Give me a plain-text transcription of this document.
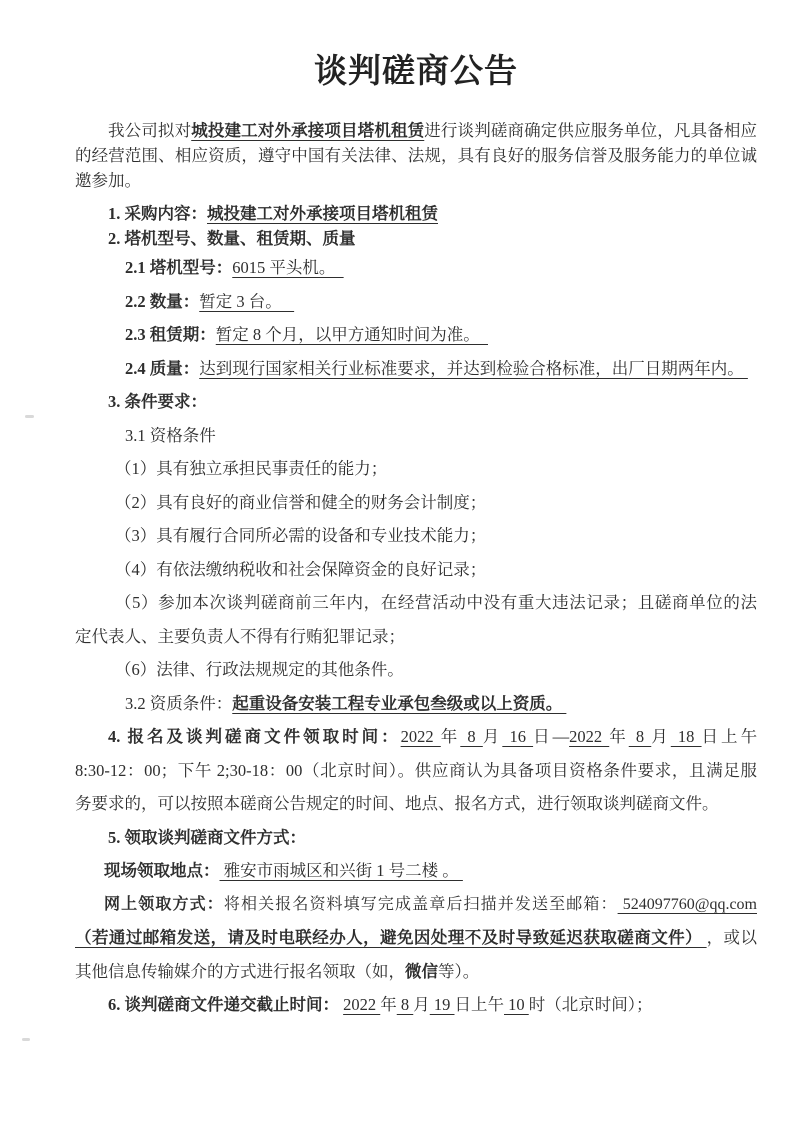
谈判磋商公告

我公司拟对城投建工对外承接项目塔机租赁进行谈判磋商确定供应服务单位，凡具备相应

的经营范围、相应资质，遵守中国有关法律、法规，具有良好的服务信誉及服务能力的单位诚

邀参加。

1. 采购内容：城投建工对外承接项目塔机租赁

2. 塔机型号、数量、租赁期、质量

2.1 塔机型号：6015 平头机。

2.2 数量：暂定 3 台。

2.3 租赁期：暂定 8 个月，以甲方通知时间为准。

2.4 质量：达到现行国家相关行业标准要求，并达到检验合格标准，出厂日期两年内。

3. 条件要求：

3.1 资格条件

（1）具有独立承担民事责任的能力；

（2）具有良好的商业信誉和健全的财务会计制度；

（3）具有履行合同所必需的设备和专业技术能力；

（4）有依法缴纳税收和社会保障资金的良好记录；

（5）参加本次谈判磋商前三年内，在经营活动中没有重大违法记录；且磋商单位的法

定代表人、主要负责人不得有行贿犯罪记录；

（6）法律、行政法规规定的其他条件。

3.2 资质条件：起重设备安装工程专业承包叁级或以上资质。

4. 报名及谈判磋商文件领取时间：2022 年 8 月 16 日—2022 年 8 月 18 日上午

8:30-12：00；下午 2;30-18：00（北京时间）。供应商认为具备项目资格条件要求，且满足服

务要求的，可以按照本磋商公告规定的时间、地点、报名方式，进行领取谈判磋商文件。

5. 领取谈判磋商文件方式：

现场领取地点： 雅安市雨城区和兴街 1 号二楼 。

网上领取方式：将相关报名资料填写完成盖章后扫描并发送至邮箱： 524097760@qq.com

（若通过邮箱发送，请及时电联经办人，避免因处理不及时导致延迟获取磋商文件） ，或以

其他信息传输媒介的方式进行报名领取（如，微信等）。

6. 谈判磋商文件递交截止时间： 2022 年 8 月 19 日上午 10 时（北京时间）；
